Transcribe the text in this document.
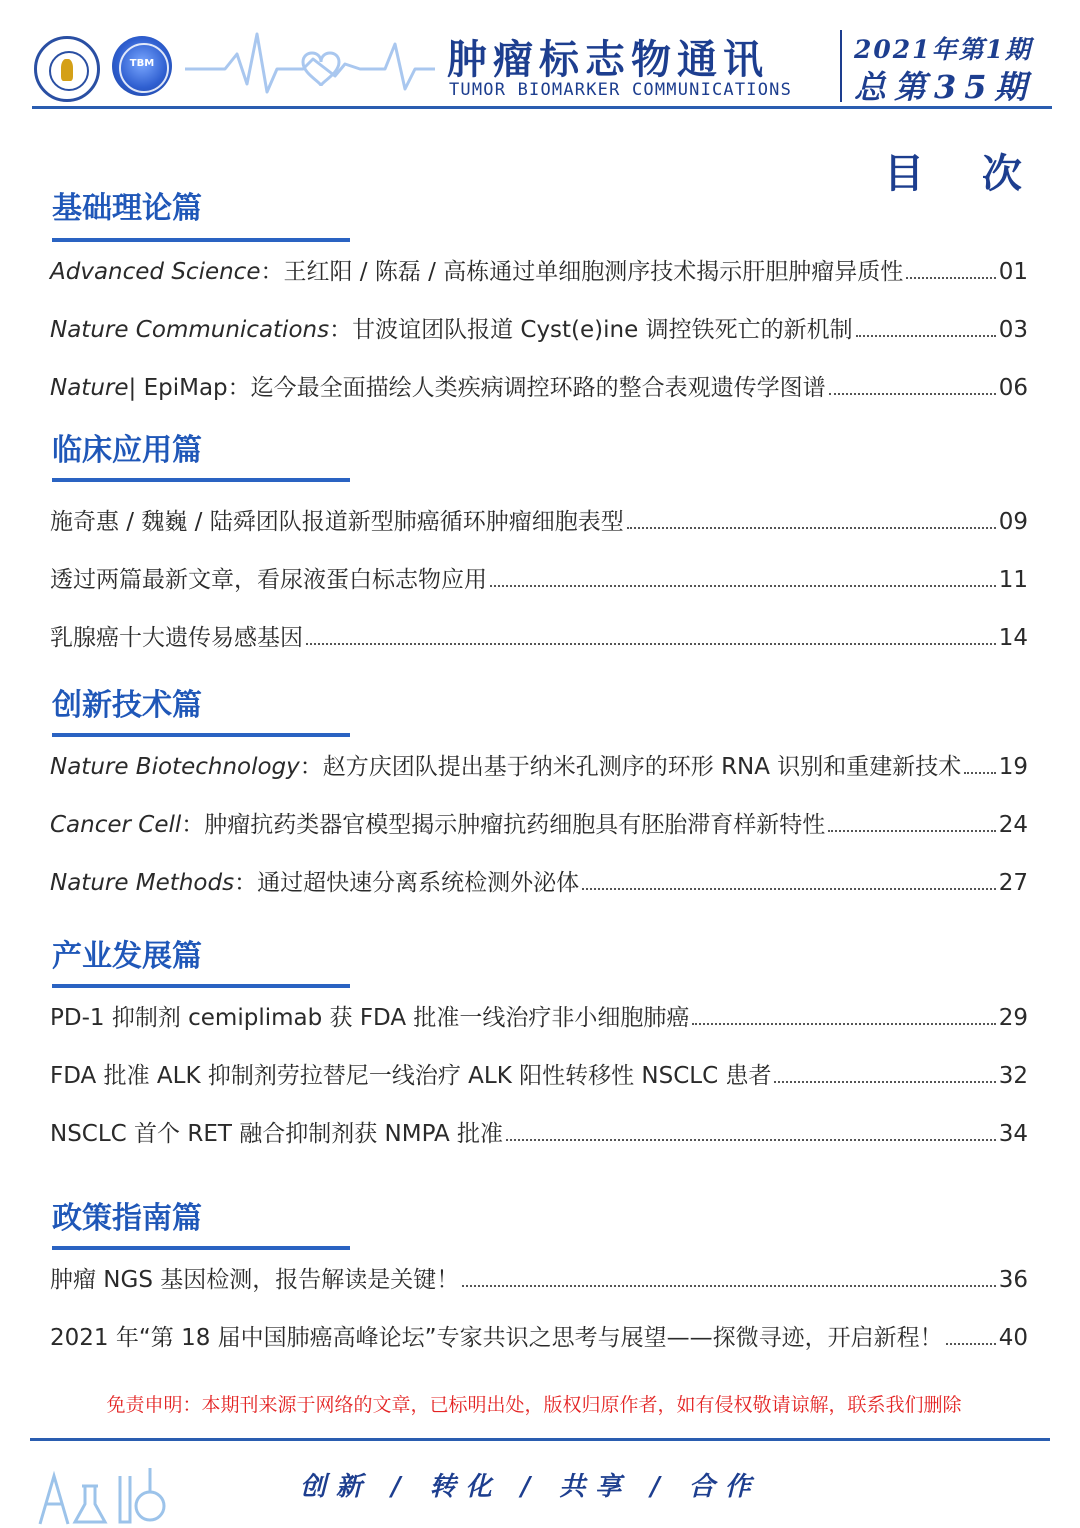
TBM	肿瘤标志物通讯
TUMOR BIOMARKER COMMUNICATIONS
2021年第1期
总第35期
目 次
基础理论篇
Advanced Science ：王红阳 / 陈磊 / 高栋通过单细胞测序技术揭示肝胆肿瘤异质性	01
Nature Communications ：甘波谊团队报道 Cyst(e)ine 调控铁死亡的新机制	03
Nature | EpiMap：迄今最全面描绘人类疾病调控环路的整合表观遗传学图谱	06
临床应用篇
施奇惠 / 魏巍 / 陆舜团队报道新型肺癌循环肿瘤细胞表型	09
透过两篇最新文章，看尿液蛋白标志物应用	11
乳腺癌十大遗传易感基因	14
创新技术篇
Nature Biotechnology ：赵方庆团队提出基于纳米孔测序的环形 RNA 识别和重建新技术 19
Cancer Cell ：肿瘤抗药类器官模型揭示肿瘤抗药细胞具有胚胎滞育样新特性	24
Nature Methods ：通过超快速分离系统检测外泌体	27
产业发展篇
PD-1 抑制剂 cemiplimab 获 FDA 批准一线治疗非小细胞肺癌	29
FDA 批准 ALK 抑制剂劳拉替尼一线治疗 ALK 阳性转移性 NSCLC 患者	32
NSCLC 首个 RET 融合抑制剂获 NMPA 批准	34
政策指南篇
肿瘤 NGS 基因检测，报告解读是关键！	36
2021 年“第 18 届中国肺癌高峰论坛”专家共识之思考与展望——探微寻迹，开启新程！ 40
免责申明：本期刊来源于网络的文章，已标明出处，版权归原作者，如有侵权敬请谅解，联系我们删除
创新 / 转化 / 共享 / 合作
